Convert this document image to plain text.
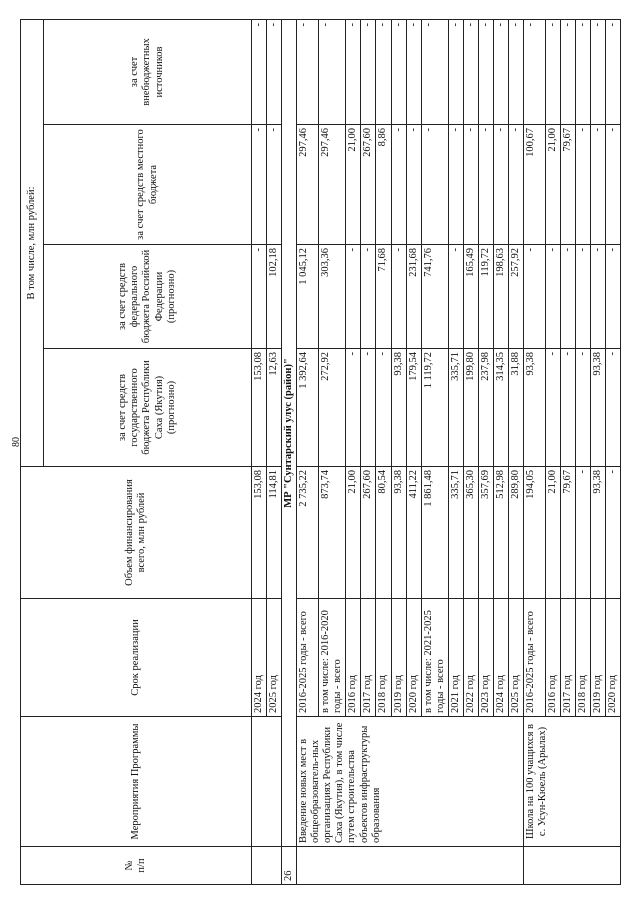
80
№
п/п	Мероприятия Программы	Срок реализации	Объем финансирования всего, млн рублей	В том числе, млн рублей:			
				за счет средств государственного бюджета Республики Саха (Якутия) (прогнозно)	за счет средств федерального бюджета Российской Федерации (прогнозно)	за счет средств местного бюджета	за счет внебюджетных источников
		2024 год	153,08	153,08	-	-	-
		2025 год	114,81	12,63	102,18	-	-
26	МР "Сунтарский улус (район)"						
	Введение новых мест в общеобразователь-ных организациях Республики Саха (Якутия), в том числе путем строительства объектов инфраструктуры образования	2016-2025 годы - всего	2 735,22	1 392,64	1 045,12	297,46	-
		в том числе: 2016-2020 годы - всего	873,74	272,92	303,36	297,46	-
		2016 год	21,00	-	-	21,00	-
		2017 год	267,60	-	-	267,60	-
		2018 год	80,54	-	71,68	8,86	-
		2019 год	93,38	93,38	-	-	-
		2020 год	411,22	179,54	231,68	-	-
		в том числе: 2021-2025 годы - всего	1 861,48	1 119,72	741,76	-	-
		2021 год	335,71	335,71	-	-	-
		2022 год	365,30	199,80	165,49	-	-
		2023 год	357,69	237,98	119,72	-	-
		2024 год	512,98	314,35	198,63	-	-
		2025 год	289,80	31,88	257,92	-	-
	Школа на 100 учащихся в с. Усун-Кюель (Арылах)	2016-2025 годы - всего	194,05	93,38	-	100,67	-
		2016 год	21,00	-	-	21,00	-
		2017 год	79,67	-	-	79,67	-
		2018 год	-	-	-	-	-
		2019 год	93,38	93,38	-	-	-
		2020 год	-	-	-	-	-
